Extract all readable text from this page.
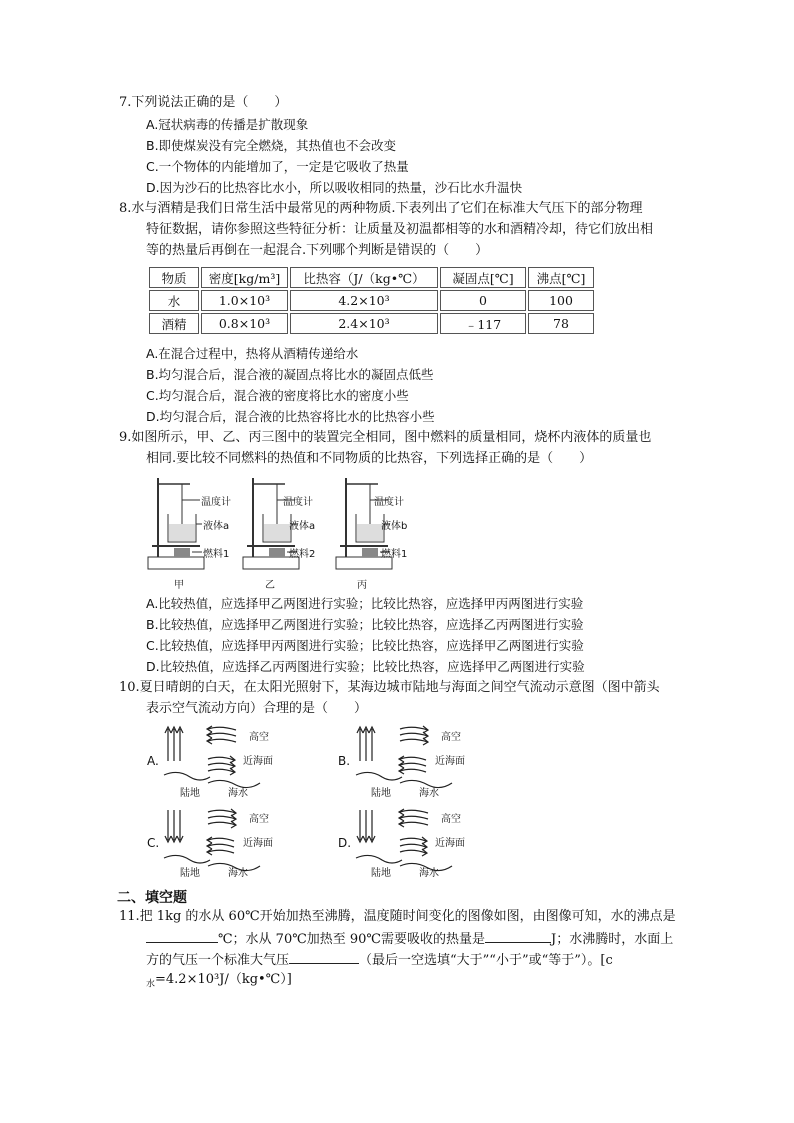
7.下列说法正确的是（　　）
A.冠状病毒的传播是扩散现象
B.即使煤炭没有完全燃烧，其热值也不会改变
C.一个物体的内能增加了，一定是它吸收了热量
D.因为沙石的比热容比水小，所以吸收相同的热量，沙石比水升温快
8.水与酒精是我们日常生活中最常见的两种物质.下表列出了它们在标准大气压下的部分物理
特征数据，请你参照这些特征分析：让质量及初温都相等的水和酒精冷却，待它们放出相
等的热量后再倒在一起混合.下列哪个判断是错误的（　　）
物质	密度[kg/m³]	比热容（J/（kg•℃）	凝固点[℃]	沸点[℃]
水	1.0×10³	4.2×10³	0	100
酒精	0.8×10³	2.4×10³	﹣117	78
A.在混合过程中，热将从酒精传递给水
B.均匀混合后，混合液的凝固点将比水的凝固点低些
C.均匀混合后，混合液的密度将比水的密度小些
D.均匀混合后，混合液的比热容将比水的比热容小些
9.如图所示，甲、乙、丙三图中的装置完全相同，图中燃料的质量相同，烧杯内液体的质量也
相同.要比较不同燃料的热值和不同物质的比热容，下列选择正确的是（　　）
温度计
液体a
燃料1
甲
温度计
液体a
燃料2
乙
温度计
液体b
燃料1
丙
A.比较热值，应选择甲乙两图进行实验；比较比热容，应选择甲丙两图进行实验
B.比较热值，应选择甲乙两图进行实验；比较比热容，应选择乙丙两图进行实验
C.比较热值，应选择甲丙两图进行实验；比较比热容，应选择甲乙两图进行实验
D.比较热值，应选择乙丙两图进行实验；比较比热容，应选择甲乙两图进行实验
10.夏日晴朗的白天，在太阳光照射下，某海边城市陆地与海面之间空气流动示意图（图中箭头
表示空气流动方向）合理的是（　　）
A.
高空
近海面
陆地	海水
B.
高空
近海面
陆地	海水
C.
高空
近海面
陆地	海水
D.
高空
近海面
陆地	海水
二、填空题
11.把 1kg 的水从 60℃开始加热至沸腾，温度随时间变化的图像如图，由图像可知，水的沸点是
℃；水从 70℃加热至 90℃需要吸收的热量是	J；水沸腾时，水面上
方的气压一个标准大气压	（最后一空选填“大于”“小于”或“等于”）。[c
$_水$=4.2×10³J/（kg•℃）]
